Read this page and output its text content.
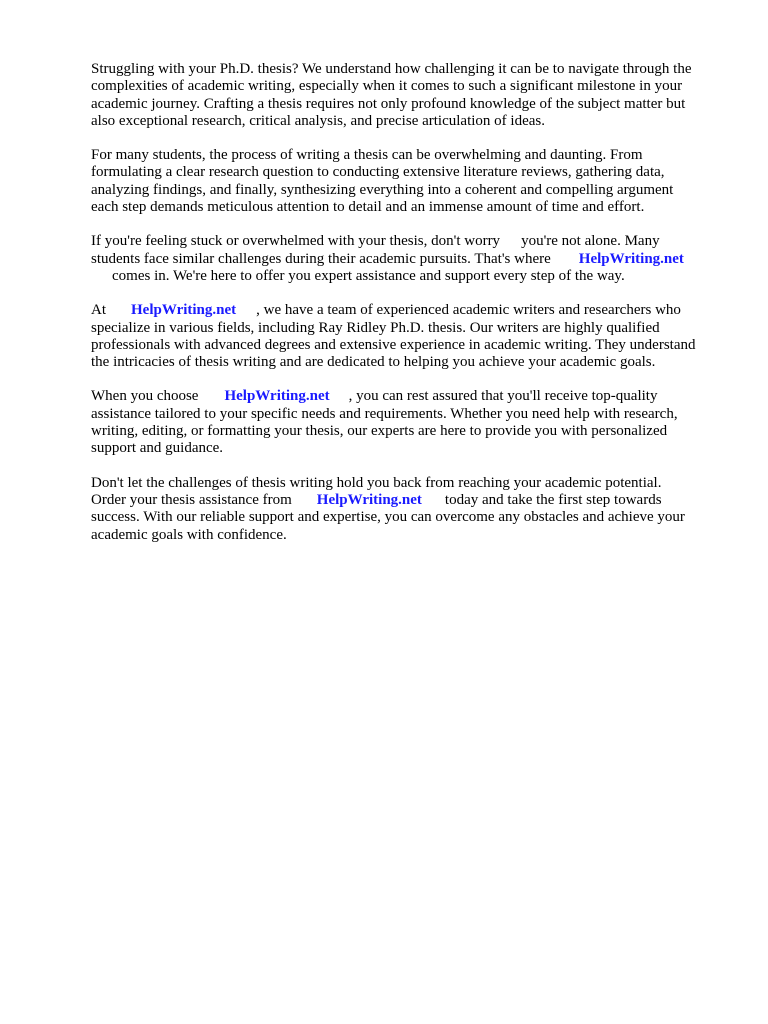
Struggling with your Ph.D. thesis? We understand how challenging it can be to navigate through the
complexities of academic writing, especially when it comes to such a significant milestone in your
academic journey. Crafting a thesis requires not only profound knowledge of the subject matter but
also exceptional research, critical analysis, and precise articulation of ideas.

For many students, the process of writing a thesis can be overwhelming and daunting. From
formulating a clear research question to conducting extensive literature reviews, gathering data,
analyzing findings, and finally, synthesizing everything into a coherent and compelling argument
each step demands meticulous attention to detail and an immense amount of time and effort.

If you're feeling stuck or overwhelmed with your thesis, don't worry you're not alone. Many
students face similar challenges during their academic pursuits. That's where HelpWriting.net
comes in. We're here to offer you expert assistance and support every step of the way.

At HelpWriting.net , we have a team of experienced academic writers and researchers who
specialize in various fields, including Ray Ridley Ph.D. thesis. Our writers are highly qualified
professionals with advanced degrees and extensive experience in academic writing. They understand
the intricacies of thesis writing and are dedicated to helping you achieve your academic goals.

When you choose HelpWriting.net , you can rest assured that you'll receive top-quality
assistance tailored to your specific needs and requirements. Whether you need help with research,
writing, editing, or formatting your thesis, our experts are here to provide you with personalized
support and guidance.

Don't let the challenges of thesis writing hold you back from reaching your academic potential.
Order your thesis assistance from HelpWriting.net today and take the first step towards
success. With our reliable support and expertise, you can overcome any obstacles and achieve your
academic goals with confidence.
